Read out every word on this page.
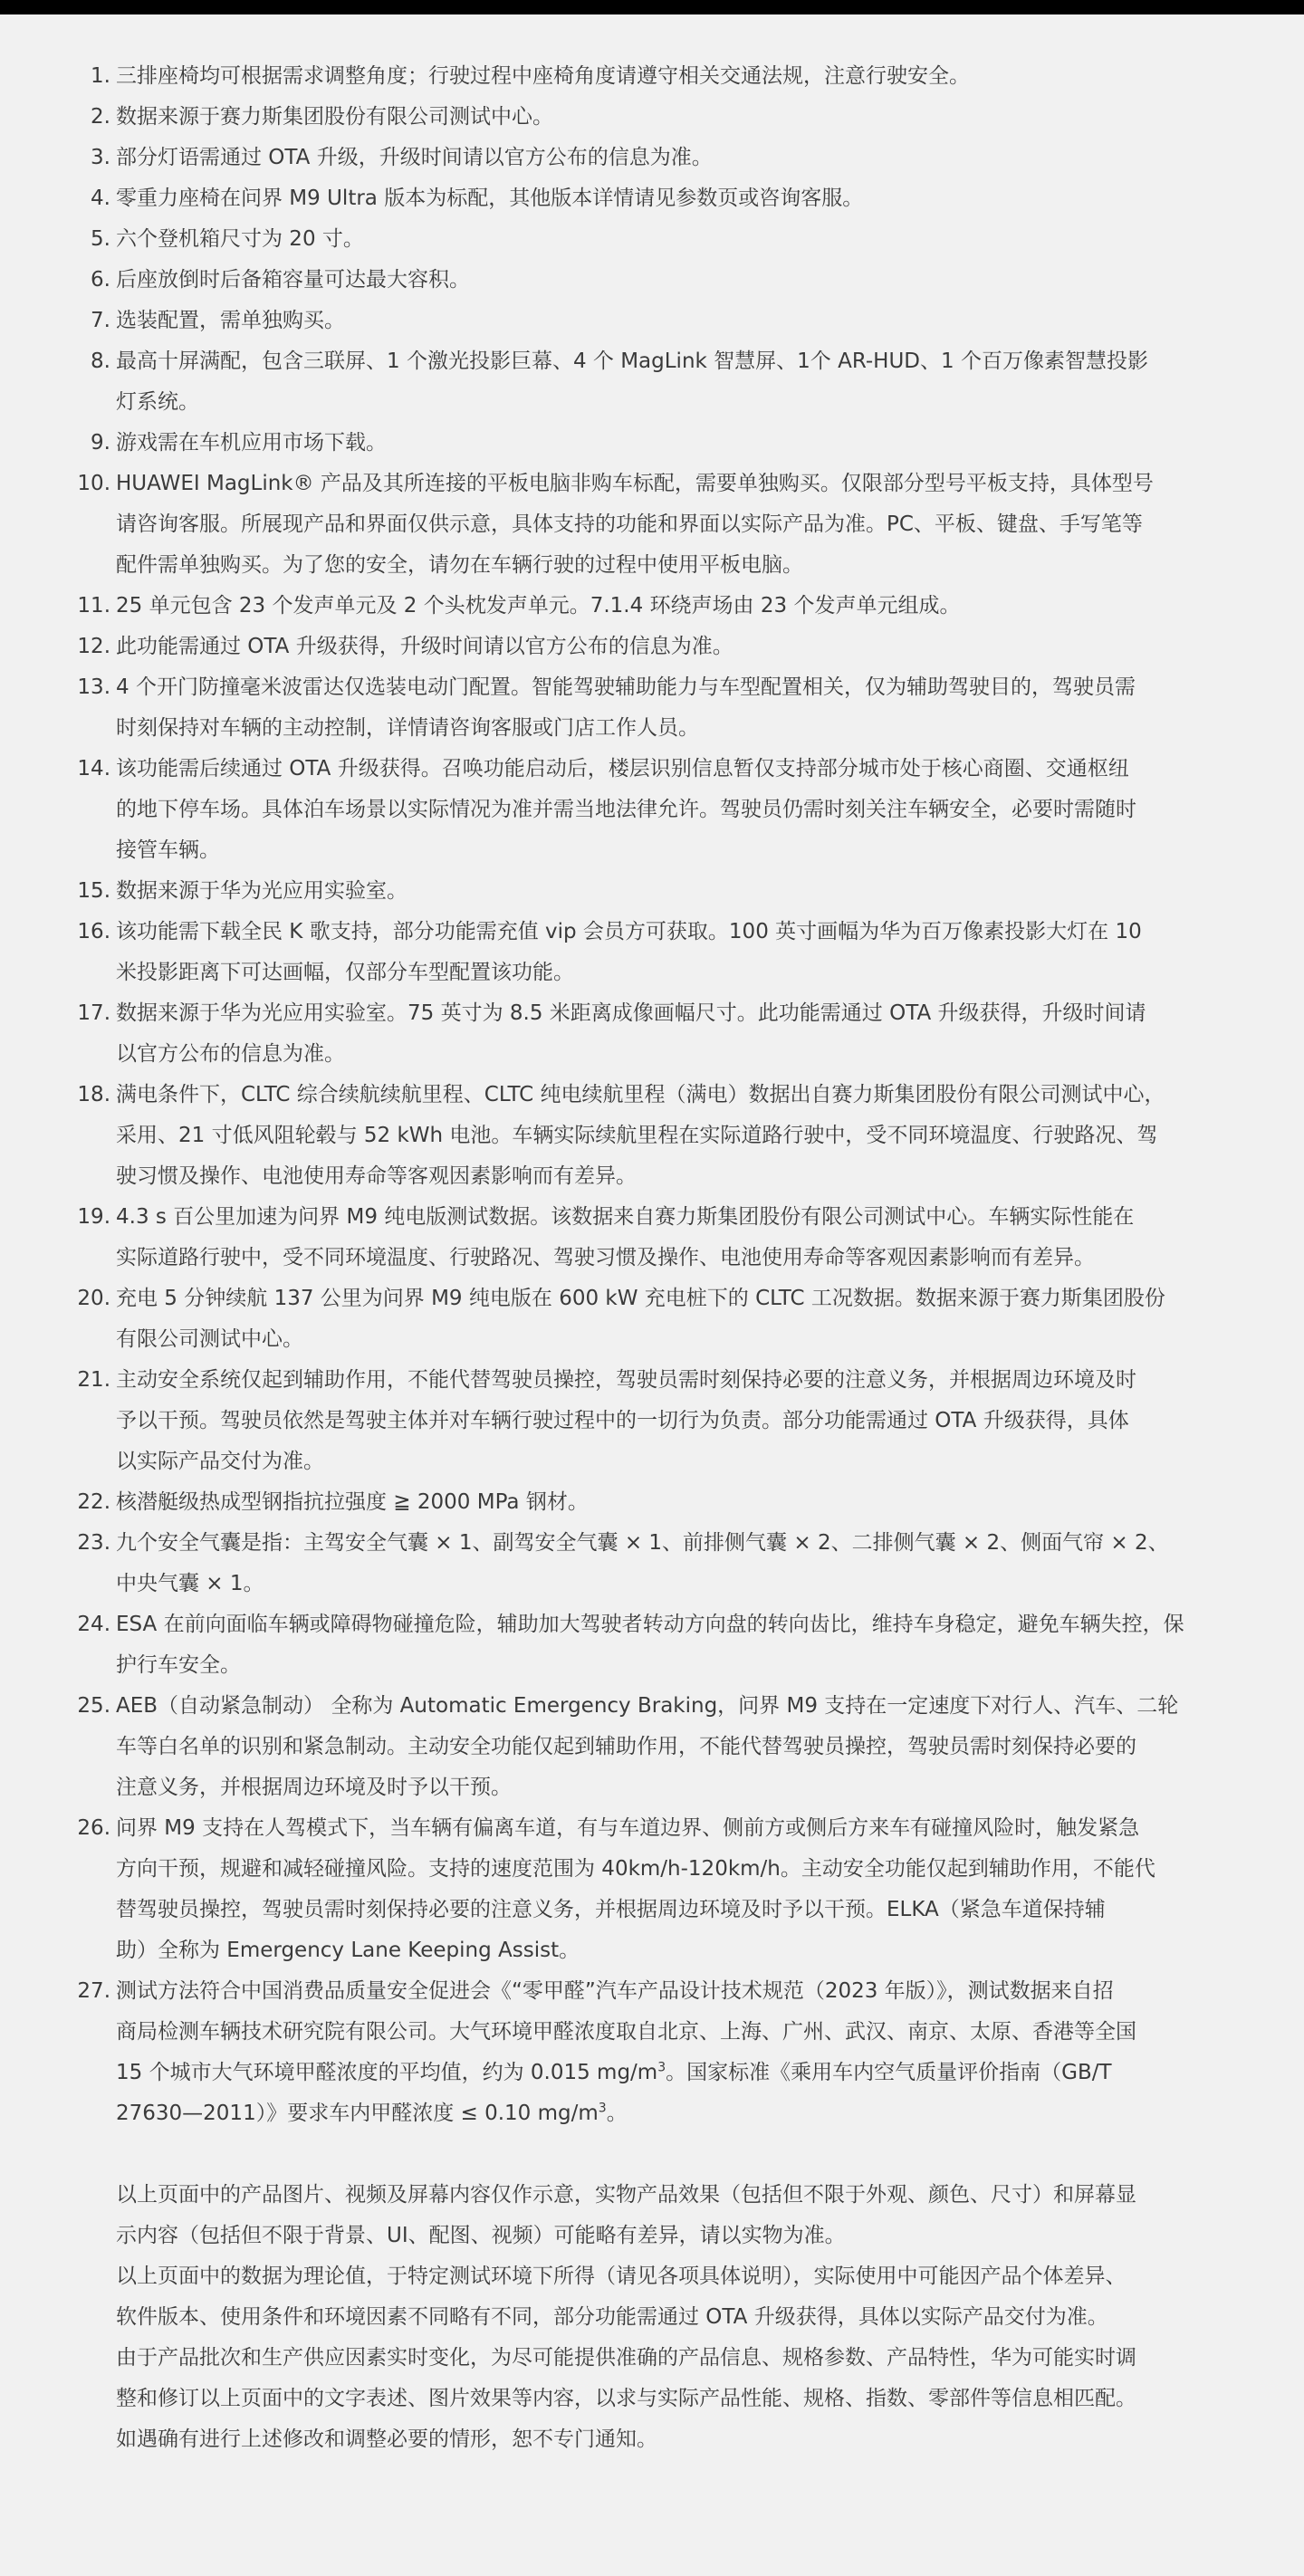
1. 三排座椅均可根据需求调整角度；行驶过程中座椅角度请遵守相关交通法规，注意行驶安全。
2. 数据来源于赛力斯集团股份有限公司测试中心。
3. 部分灯语需通过 OTA 升级，升级时间请以官方公布的信息为准。
4. 零重力座椅在问界 M9 Ultra 版本为标配，其他版本详情请见参数页或咨询客服。
5. 六个登机箱尺寸为 20 寸。
6. 后座放倒时后备箱容量可达最大容积。
7. 选装配置，需单独购买。
8. 最高十屏满配，包含三联屏、1 个激光投影巨幕、4 个 MagLink 智慧屏、1个 AR-HUD、1 个百万像素智慧投影
灯系统。
9. 游戏需在车机应用市场下载。
10. HUAWEI MagLink® 产品及其所连接的平板电脑非购车标配，需要单独购买。仅限部分型号平板支持，具体型号
请咨询客服。所展现产品和界面仅供示意，具体支持的功能和界面以实际产品为准。PC、平板、键盘、手写笔等
配件需单独购买。为了您的安全，请勿在车辆行驶的过程中使用平板电脑。
11. 25 单元包含 23 个发声单元及 2 个头枕发声单元。7.1.4 环绕声场由 23 个发声单元组成。
12. 此功能需通过 OTA 升级获得，升级时间请以官方公布的信息为准。
13. 4 个开门防撞毫米波雷达仅选装电动门配置。智能驾驶辅助能力与车型配置相关，仅为辅助驾驶目的，驾驶员需
时刻保持对车辆的主动控制，详情请咨询客服或门店工作人员。
14. 该功能需后续通过 OTA 升级获得。召唤功能启动后，楼层识别信息暂仅支持部分城市处于核心商圈、交通枢纽
的地下停车场。具体泊车场景以实际情况为准并需当地法律允许。驾驶员仍需时刻关注车辆安全，必要时需随时
接管车辆。
15. 数据来源于华为光应用实验室。
16. 该功能需下载全民 K 歌支持，部分功能需充值 vip 会员方可获取。100 英寸画幅为华为百万像素投影大灯在 10
米投影距离下可达画幅，仅部分车型配置该功能。
17. 数据来源于华为光应用实验室。75 英寸为 8.5 米距离成像画幅尺寸。此功能需通过 OTA 升级获得，升级时间请
以官方公布的信息为准。
18. 满电条件下，CLTC 综合续航续航里程、CLTC 纯电续航里程（满电）数据出自赛力斯集团股份有限公司测试中心，
采用、21 寸低风阻轮毂与 52 kWh 电池。车辆实际续航里程在实际道路行驶中，受不同环境温度、行驶路况、驾
驶习惯及操作、电池使用寿命等客观因素影响而有差异。
19. 4.3 s 百公里加速为问界 M9 纯电版测试数据。该数据来自赛力斯集团股份有限公司测试中心。车辆实际性能在
实际道路行驶中，受不同环境温度、行驶路况、驾驶习惯及操作、电池使用寿命等客观因素影响而有差异。
20. 充电 5 分钟续航 137 公里为问界 M9 纯电版在 600 kW 充电桩下的 CLTC 工况数据。数据来源于赛力斯集团股份
有限公司测试中心。
21. 主动安全系统仅起到辅助作用，不能代替驾驶员操控，驾驶员需时刻保持必要的注意义务，并根据周边环境及时
予以干预。驾驶员依然是驾驶主体并对车辆行驶过程中的一切行为负责。部分功能需通过 OTA 升级获得，具体
以实际产品交付为准。
22. 核潜艇级热成型钢指抗拉强度 ≧ 2000 MPa 钢材。
23. 九个安全气囊是指：主驾安全气囊 × 1、副驾安全气囊 × 1、前排侧气囊 × 2、二排侧气囊 × 2、侧面气帘 × 2、
中央气囊 × 1。
24. ESA 在前向面临车辆或障碍物碰撞危险，辅助加大驾驶者转动方向盘的转向齿比，维持车身稳定，避免车辆失控，保
护行车安全。
25. AEB（自动紧急制动） 全称为 Automatic Emergency Braking，问界 M9 支持在一定速度下对行人、汽车、二轮
车等白名单的识别和紧急制动。主动安全功能仅起到辅助作用，不能代替驾驶员操控，驾驶员需时刻保持必要的
注意义务，并根据周边环境及时予以干预。
26. 问界 M9 支持在人驾模式下，当车辆有偏离车道，有与车道边界、侧前方或侧后方来车有碰撞风险时，触发紧急
方向干预，规避和减轻碰撞风险。支持的速度范围为 40km/h-120km/h。主动安全功能仅起到辅助作用，不能代
替驾驶员操控，驾驶员需时刻保持必要的注意义务，并根据周边环境及时予以干预。ELKA（紧急车道保持辅
助）全称为 Emergency Lane Keeping Assist。
27. 测试方法符合中国消费品质量安全促进会《“零甲醛”汽车产品设计技术规范（2023 年版）》，测试数据来自招
商局检测车辆技术研究院有限公司。大气环境甲醛浓度取自北京、上海、广州、武汉、南京、太原、香港等全国
15 个城市大气环境甲醛浓度的平均值，约为 0.015 $mg/m^3$。国家标准《乘用车内空气质量评价指南（GB/T
27630—2011）》要求车内甲醛浓度 ≤ 0.10 $mg/m^3$。
以上页面中的产品图片、视频及屏幕内容仅作示意，实物产品效果（包括但不限于外观、颜色、尺寸）和屏幕显
示内容（包括但不限于背景、UI、配图、视频）可能略有差异，请以实物为准。
以上页面中的数据为理论值，于特定测试环境下所得（请见各项具体说明），实际使用中可能因产品个体差异、
软件版本、使用条件和环境因素不同略有不同，部分功能需通过 OTA 升级获得，具体以实际产品交付为准。
由于产品批次和生产供应因素实时变化，为尽可能提供准确的产品信息、规格参数、产品特性，华为可能实时调
整和修订以上页面中的文字表述、图片效果等内容，以求与实际产品性能、规格、指数、零部件等信息相匹配。
如遇确有进行上述修改和调整必要的情形，恕不专门通知。
